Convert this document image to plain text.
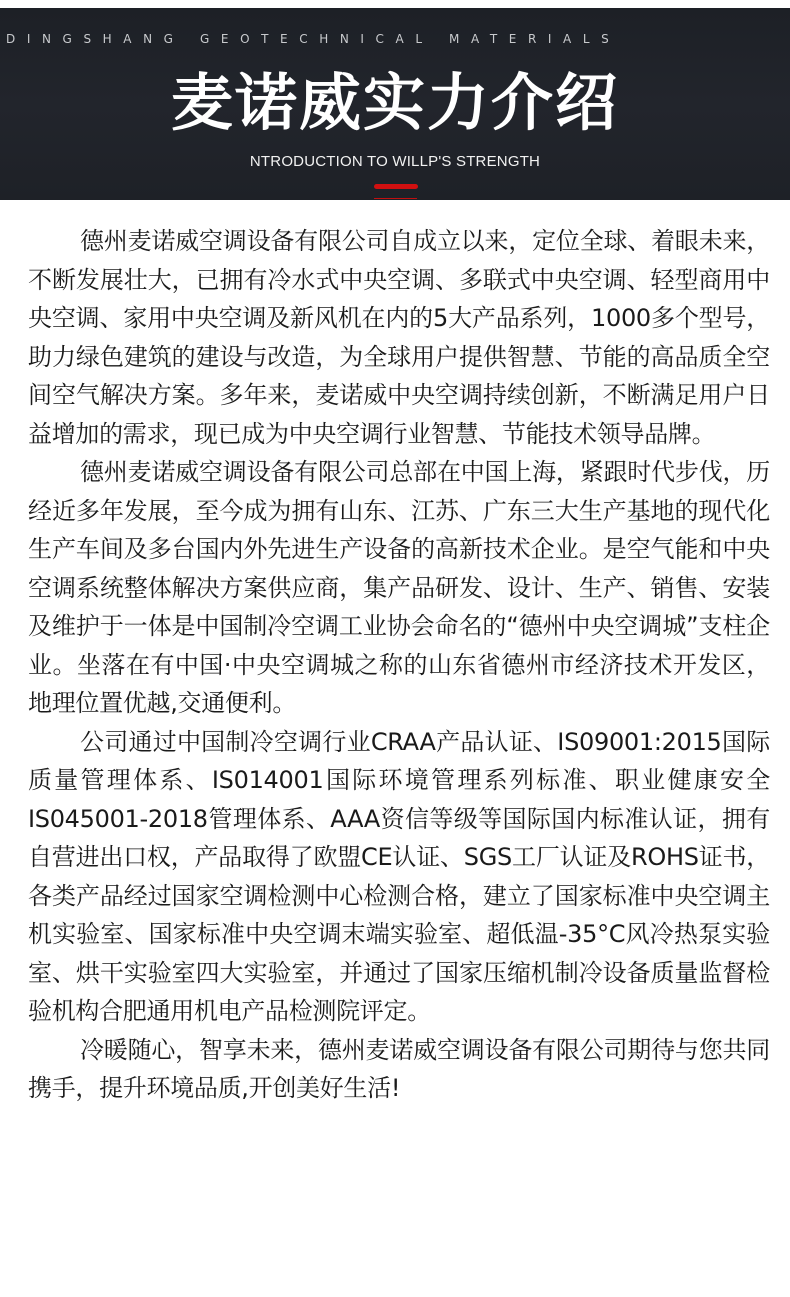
DINGSHANG GEOTECHNICAL MATERIALS
麦诺威实力介绍
NTRODUCTION TO WILLP'S STRENGTH

德州麦诺威空调设备有限公司自成立以来，定位全球、着眼未来，不断发展壮大，已拥有冷水式中央空调、多联式中央空调、轻型商用中央空调、家用中央空调及新风机在内的5大产品系列，1000多个型号，助力绿色建筑的建设与改造，为全球用户提供智慧、节能的高品质全空间空气解决方案。多年来，麦诺威中央空调持续创新，不断满足用户日益增加的需求，现已成为中央空调行业智慧、节能技术领导品牌。

德州麦诺威空调设备有限公司总部在中国上海，紧跟时代步伐，历经近多年发展，至今成为拥有山东、江苏、广东三大生产基地的现代化生产车间及多台国内外先进生产设备的高新技术企业。是空气能和中央空调系统整体解决方案供应商，集产品研发、设计、生产、销售、安装及维护于一体是中国制冷空调工业协会命名的“德州中央空调城”支柱企业。坐落在有中国·中央空调城之称的山东省德州市经济技术开发区，地理位置优越,交通便利。

公司通过中国制冷空调行业CRAA产品认证、IS09001:2015国际质量管理体系、IS014001国际环境管理系列标准、职业健康安全IS045001-2018管理体系、AAA资信等级等国际国内标准认证，拥有自营进出口权，产品取得了欧盟CE认证、SGS工厂认证及ROHS证书，各类产品经过国家空调检测中心检测合格，建立了国家标准中央空调主机实验室、国家标准中央空调末端实验室、超低温-35°C风冷热泵实验室、烘干实验室四大实验室，并通过了国家压缩机制冷设备质量监督检验机构合肥通用机电产品检测院评定。

冷暖随心，智享未来，德州麦诺威空调设备有限公司期待与您共同携手，提升环境品质,开创美好生活!
